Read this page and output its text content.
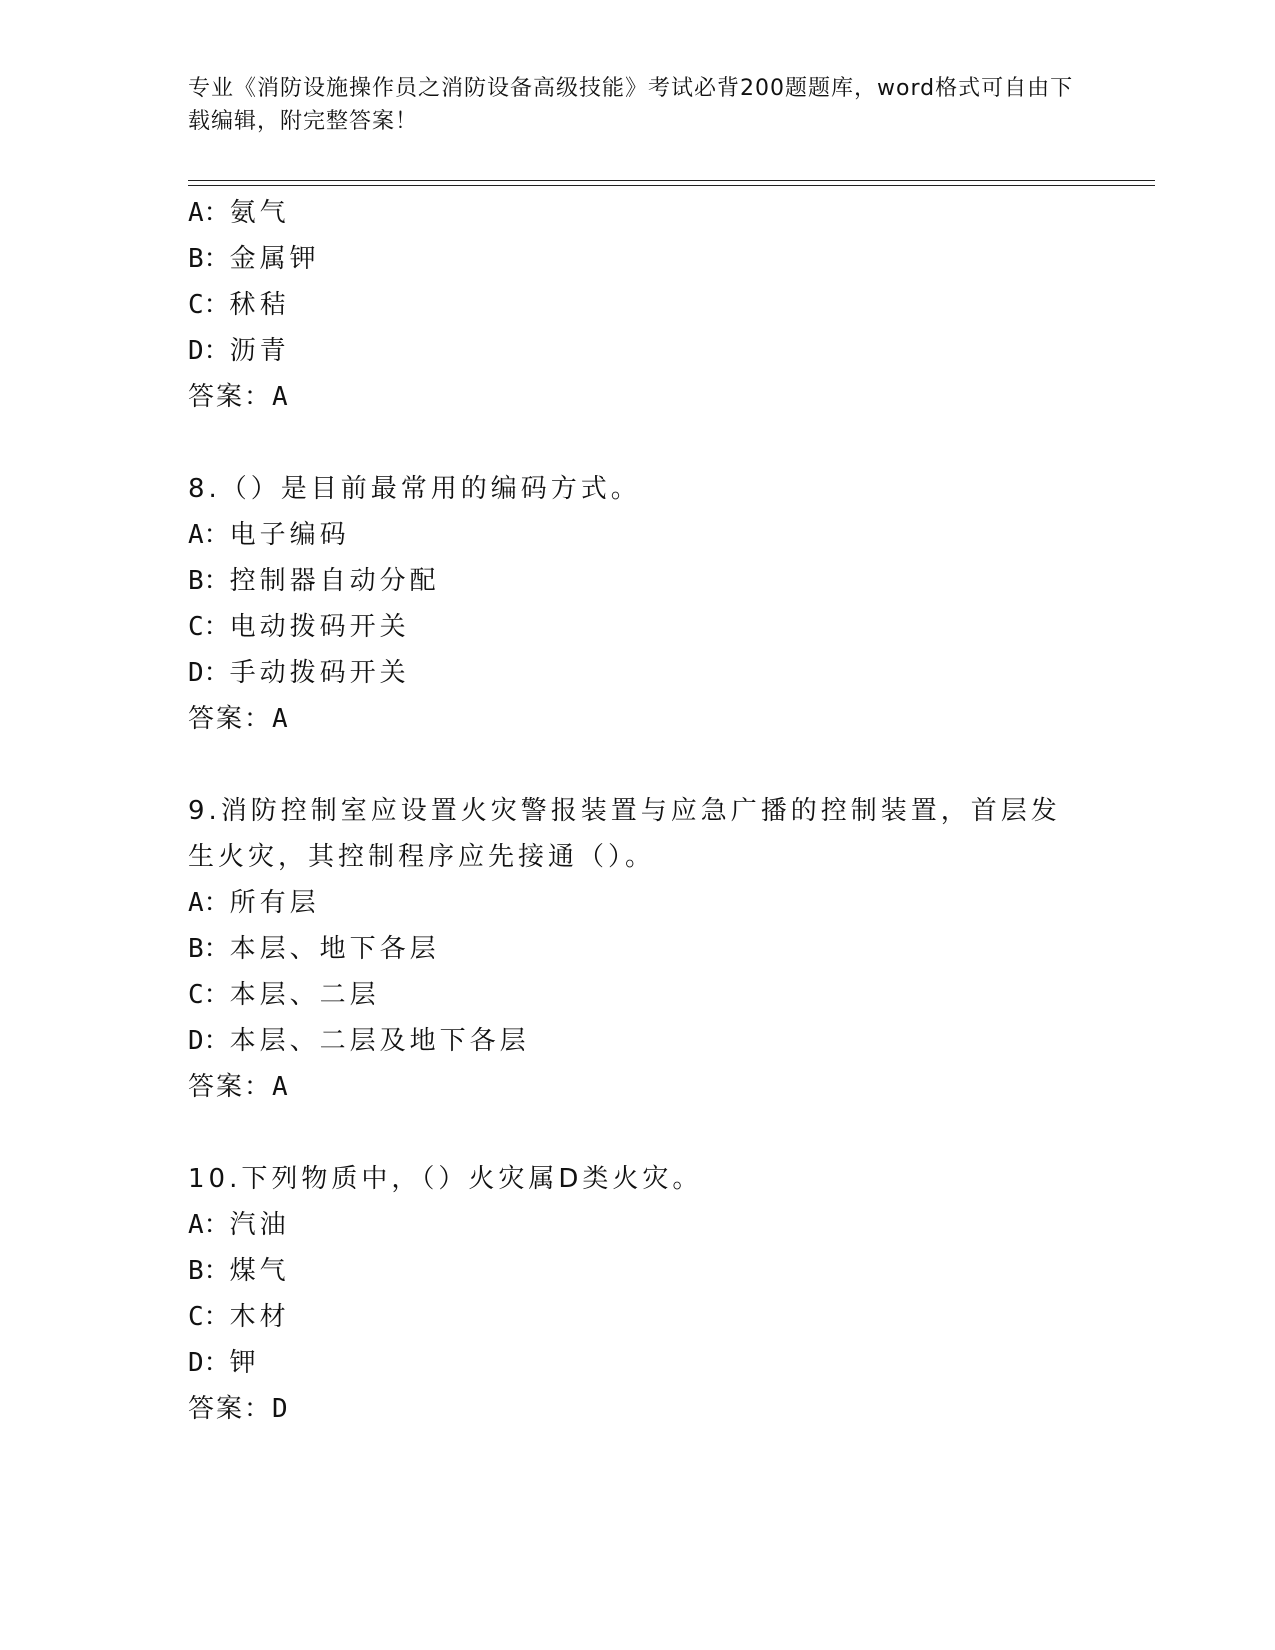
专业《消防设施操作员之消防设备高级技能》考试必背200题题库，word格式可自由下载编辑，附完整答案！
A：氨气
B：金属钾
C：秫秸
D：沥青
答案：A
8.（）是目前最常用的编码方式。
A：电子编码
B：控制器自动分配
C：电动拨码开关
D：手动拨码开关
答案：A
9.消防控制室应设置火灾警报装置与应急广播的控制装置，首层发生火灾，其控制程序应先接通（）。
A：所有层
B：本层、地下各层
C：本层、二层
D：本层、二层及地下各层
答案：A
10.下列物质中，（）火灾属D类火灾。
A：汽油
B：煤气
C：木材
D：钾
答案：D
